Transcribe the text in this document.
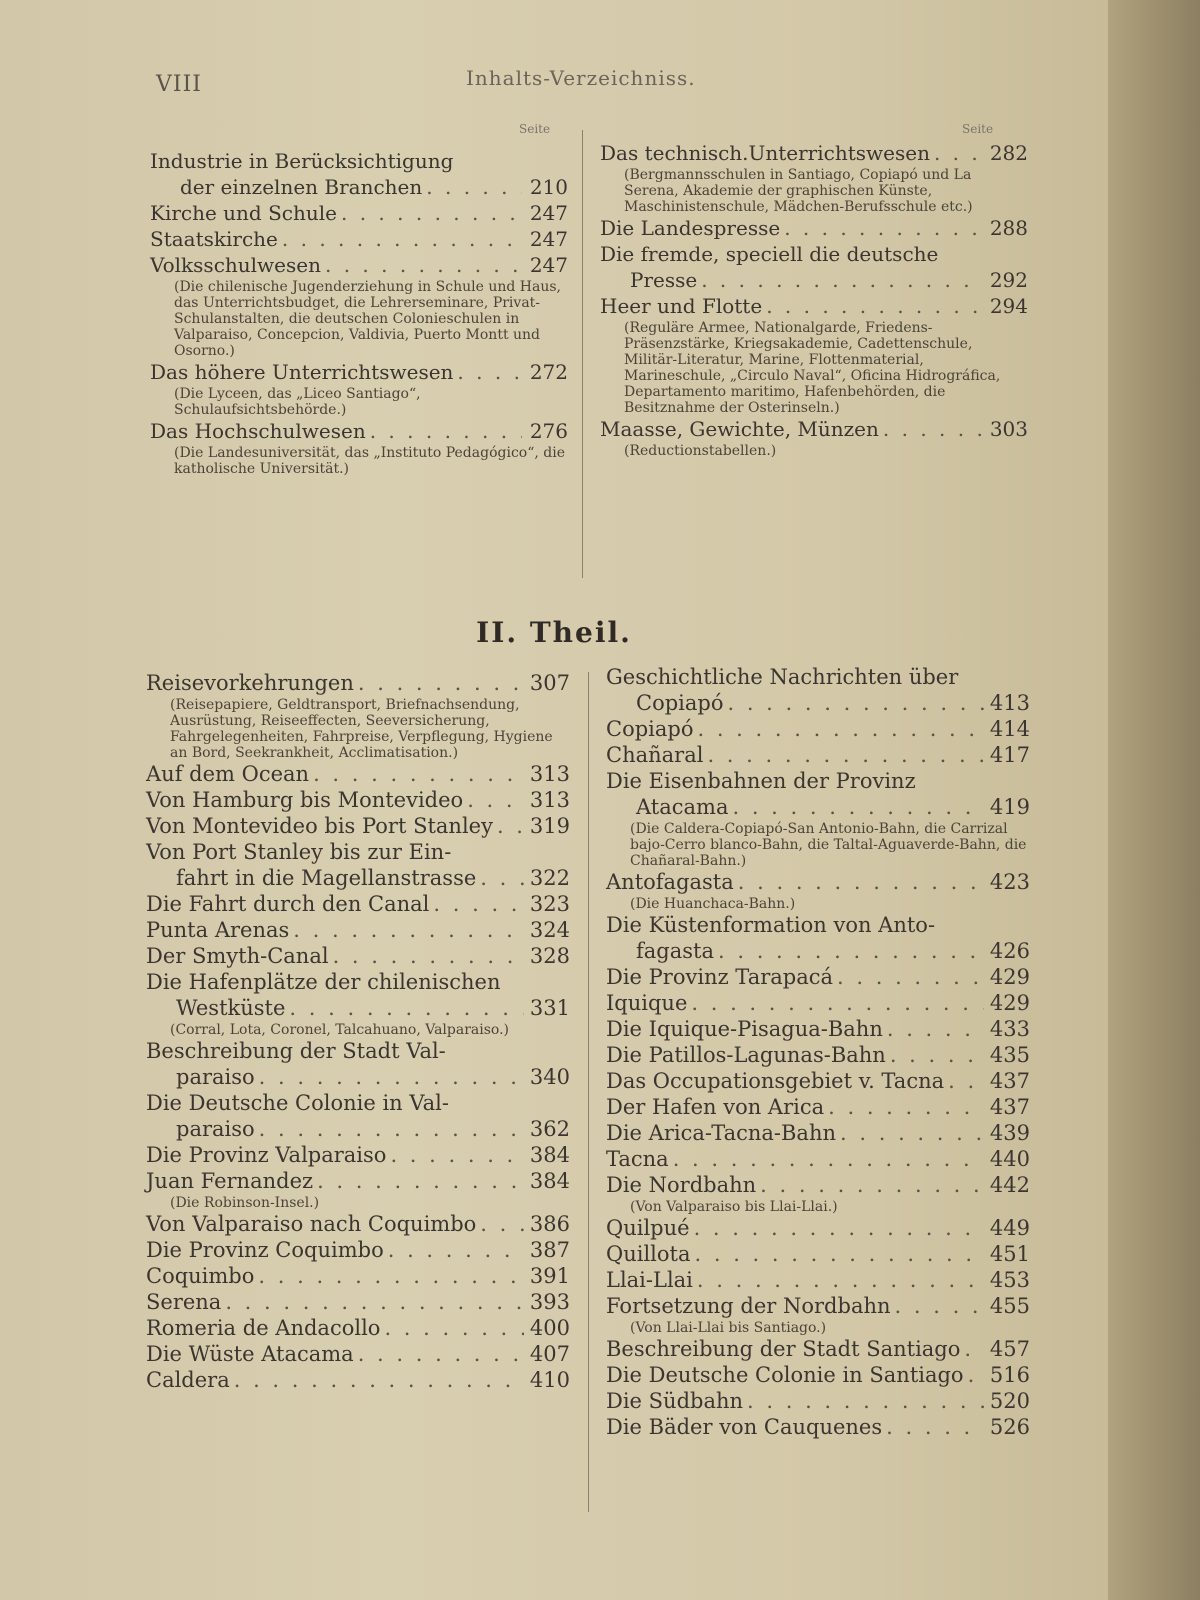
VIII	Inhalts-Verzeichniss.
Seite	Seite
Industrie in Berücksichtigung
der einzelnen Branchen . . .	210
Kirche und Schule . . .	247
Staatskirche . . .	247
Volksschulwesen . . .	247
(Die chilenische Jugenderziehung in Schule und Haus, das Unterrichtsbudget, die Lehrerseminare, Privat-Schulanstalten, die deutschen Colonieschulen in Valparaiso, Concepcion, Valdivia, Puerto Montt und Osorno.)
Das höhere Unterrichtswesen . . .	272
(Die Lyceen, das „Liceo Santiago“, Schulaufsichtsbehörde.)
Das Hochschulwesen . . .	276
(Die Landesuniversität, das „Instituto Pedagógico“, die katholische Universität.)
Das technisch.Unterrichtswesen . . .	282
(Bergmannsschulen in Santiago, Copiapó und La Serena, Akademie der graphischen Künste, Maschinistenschule, Mädchen-Berufsschule etc.)
Die Landespresse . . .	288
Die fremde, speciell die deutsche
Presse . . .	292
Heer und Flotte . . .	294
(Reguläre Armee, Nationalgarde, Friedens-Präsenzstärke, Kriegsakademie, Cadettenschule, Militär-Literatur, Marine, Flottenmaterial, Marineschule, „Circulo Naval“, Oficina Hidrográfica, Departamento maritimo, Hafenbehörden, die Besitznahme der Osterinseln.)
Maasse, Gewichte, Münzen . . .	303
(Reductionstabellen.)
II. Theil.
Reisevorkehrungen . . .	307
(Reisepapiere, Geldtransport, Briefnachsendung, Ausrüstung, Reiseeffecten, Seeversicherung, Fahrgelegenheiten, Fahrpreise, Verpflegung, Hygiene an Bord, Seekrankheit, Acclimatisation.)
Auf dem Ocean . . .	313
Von Hamburg bis Montevideo . . .	313
Von Montevideo bis Port Stanley . . . 319
Von Port Stanley bis zur Ein-
fahrt in die Magellanstrasse . . .	322
Die Fahrt durch den Canal . . .	323
Punta Arenas . . .	324
Der Smyth-Canal . . .	328
Die Hafenplätze der chilenischen
Westküste . . .	331
(Corral, Lota, Coronel, Talcahuano, Valparaiso.)
Beschreibung der Stadt Val-
paraiso . . .	340
Die Deutsche Colonie in Val-
paraiso . . .	362
Die Provinz Valparaiso . . .	384
Juan Fernandez . . .	384
(Die Robinson-Insel.)
Von Valparaiso nach Coquimbo . . .	386
Die Provinz Coquimbo . . .	387
Coquimbo . . .	391
Serena . . .	393
Romeria de Andacollo . . .	400
Die Wüste Atacama . . .	407
Caldera . . .	410
Geschichtliche Nachrichten über
Copiapó . . .	413
Copiapó . . .	414
Chañaral . . .	417
Die Eisenbahnen der Provinz
Atacama . . .	419
(Die Caldera-Copiapó-San Antonio-Bahn, die Carrizal bajo-Cerro blanco-Bahn, die Taltal-Aguaverde-Bahn, die Chañaral-Bahn.)
Antofagasta . . .	423
(Die Huanchaca-Bahn.)
Die Küstenformation von Anto-
fagasta . . .	426
Die Provinz Tarapacá . . .	429
Iquique . . .	429
Die Iquique-Pisagua-Bahn . . .	433
Die Patillos-Lagunas-Bahn . . .	435
Das Occupationsgebiet v. Tacna . . . 437
Der Hafen von Arica . . .	437
Die Arica-Tacna-Bahn . . .	439
Tacna . . .	440
Die Nordbahn . . .	442
(Von Valparaiso bis Llai-Llai.)
Quilpué . . .	449
Quillota . . .	451
Llai-Llai . . .	453
Fortsetzung der Nordbahn . . .	455
(Von Llai-Llai bis Santiago.)
Beschreibung der Stadt Santiago . . . 457
Die Deutsche Colonie in Santiago . . . 516
Die Südbahn . . .	520
Die Bäder von Cauquenes . . .	526
